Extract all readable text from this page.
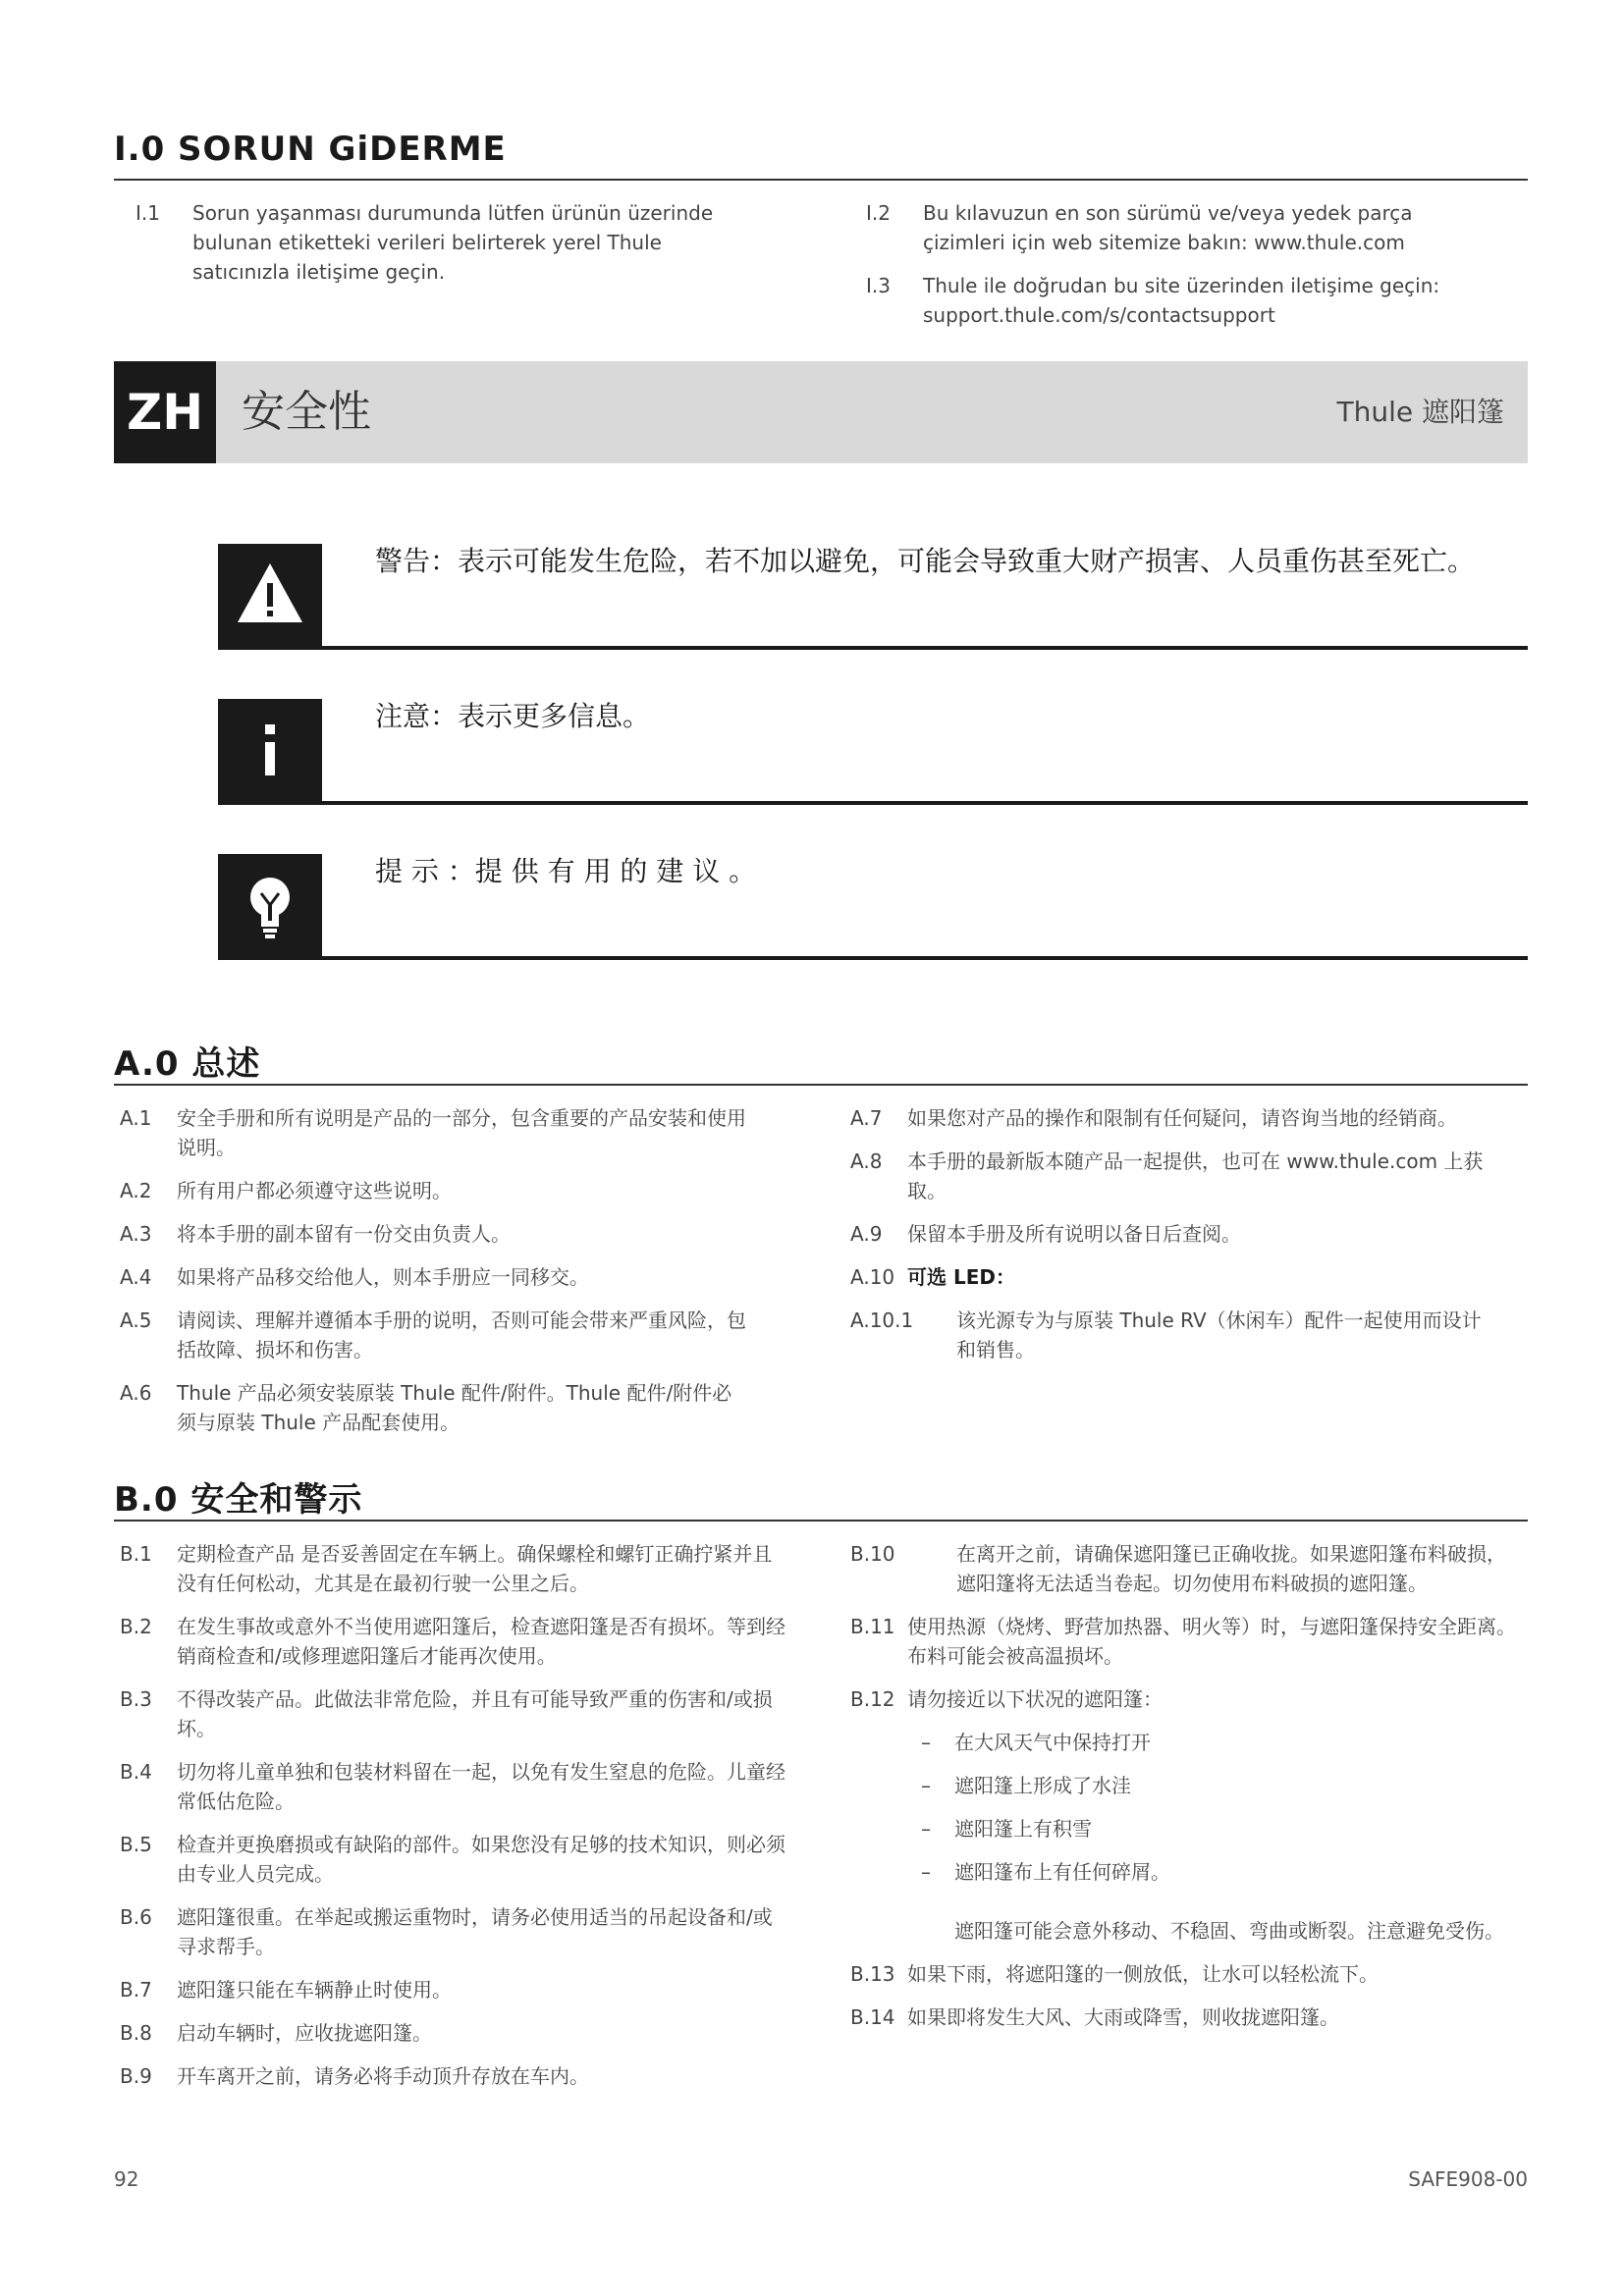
I.0 SORUN GiDERME
I.1	Sorun yaşanması durumunda lütfen ürünün üzerinde bulunan etiketteki verileri belirterek yerel Thule satıcınızla iletişime geçin.
I.2	Bu kılavuzun en son sürümü ve/veya yedek parça çizimleri için web sitemize bakın: www.thule.com
I.3	Thule ile doğrudan bu site üzerinden iletişime geçin: support.thule.com/s/contactsupport
ZH 安全性	Thule 遮阳篷
警告：表示可能发生危险，若不加以避免，可能会导致重大财产损害、人员重伤甚至死亡。
注意：表示更多信息。
提 示 ：提 供 有 用 的 建 议 。
A.0 总述
A.1	安全手册和所有说明是产品的一部分，包含重要的产品安装和使用说明。
A.2	所有用户都必须遵守这些说明。
A.3	将本手册的副本留有一份交由负责人。
A.4	如果将产品移交给他人，则本手册应一同移交。
A.5	请阅读、理解并遵循本手册的说明，否则可能会带来严重风险，包括故障、损坏和伤害。
A.6	Thule 产品必须安装原装 Thule 配件/附件。Thule 配件/附件必须与原装 Thule 产品配套使用。
A.7	如果您对产品的操作和限制有任何疑问，请咨询当地的经销商。
A.8	本手册的最新版本随产品一起提供，也可在 www.thule.com 上获取。
A.9	保留本手册及所有说明以备日后查阅。
A.10 可选 LED：
A.10.1	该光源专为与原装 Thule RV（休闲车）配件一起使用而设计和销售。
B.0 安全和警示
B.1	定期检查产品 是否妥善固定在车辆上。确保螺栓和螺钉正确拧紧并且没有任何松动，尤其是在最初行驶一公里之后。
B.2	在发生事故或意外不当使用遮阳篷后，检查遮阳篷是否有损坏。等到经销商检查和/或修理遮阳篷后才能再次使用。
B.3	不得改装产品。此做法非常危险，并且有可能导致严重的伤害和/或损坏。
B.4	切勿将儿童单独和包装材料留在一起，以免有发生窒息的危险。儿童经常低估危险。
B.5	检查并更换磨损或有缺陷的部件。如果您没有足够的技术知识，则必须由专业人员完成。
B.6	遮阳篷很重。在举起或搬运重物时，请务必使用适当的吊起设备和/或寻求帮手。
B.7	遮阳篷只能在车辆静止时使用。
B.8	启动车辆时，应收拢遮阳篷。
B.9	开车离开之前，请务必将手动顶升存放在车内。
B.10	在离开之前，请确保遮阳篷已正确收拢。如果遮阳篷布料破损，遮阳篷将无法适当卷起。切勿使用布料破损的遮阳篷。
B.11 使用热源（烧烤、野营加热器、明火等）时，与遮阳篷保持安全距离。布料可能会被高温损坏。
B.12 请勿接近以下状况的遮阳篷：
– 在大风天气中保持打开
– 遮阳篷上形成了水洼
– 遮阳篷上有积雪
– 遮阳篷布上有任何碎屑。
遮阳篷可能会意外移动、不稳固、弯曲或断裂。注意避免受伤。
B.13 如果下雨，将遮阳篷的一侧放低，让水可以轻松流下。
B.14 如果即将发生大风、大雨或降雪，则收拢遮阳篷。
92	SAFE908-00
